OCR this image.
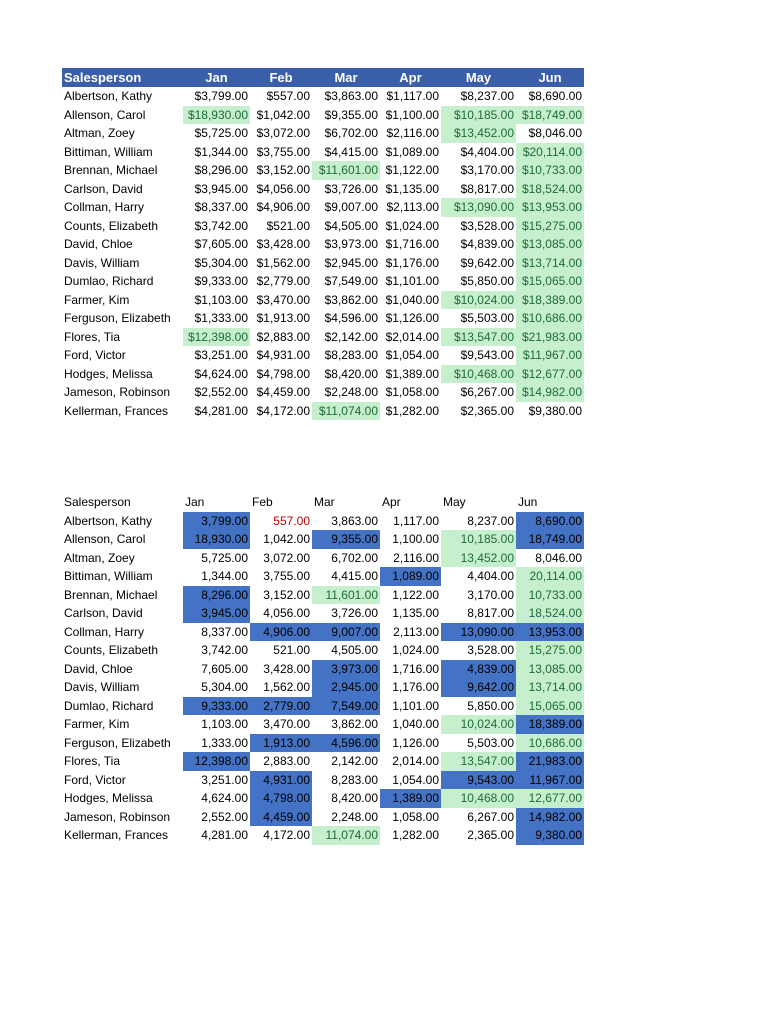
Salesperson	Jan	Feb	Mar	Apr	May	Jun
Albertson, Kathy	$3,799.00	$557.00	$3,863.00	$1,117.00	$8,237.00	$8,690.00
Allenson, Carol	$18,930.00	$1,042.00	$9,355.00	$1,100.00	$10,185.00	$18,749.00
Altman, Zoey	$5,725.00	$3,072.00	$6,702.00	$2,116.00	$13,452.00	$8,046.00
Bittiman, William	$1,344.00	$3,755.00	$4,415.00	$1,089.00	$4,404.00	$20,114.00
Brennan, Michael	$8,296.00	$3,152.00	$11,601.00	$1,122.00	$3,170.00	$10,733.00
Carlson, David	$3,945.00	$4,056.00	$3,726.00	$1,135.00	$8,817.00	$18,524.00
Collman, Harry	$8,337.00	$4,906.00	$9,007.00	$2,113.00	$13,090.00	$13,953.00
Counts, Elizabeth	$3,742.00	$521.00	$4,505.00	$1,024.00	$3,528.00	$15,275.00
David, Chloe	$7,605.00	$3,428.00	$3,973.00	$1,716.00	$4,839.00	$13,085.00
Davis, William	$5,304.00	$1,562.00	$2,945.00	$1,176.00	$9,642.00	$13,714.00
Dumlao, Richard	$9,333.00	$2,779.00	$7,549.00	$1,101.00	$5,850.00	$15,065.00
Farmer, Kim	$1,103.00	$3,470.00	$3,862.00	$1,040.00	$10,024.00	$18,389.00
Ferguson, Elizabeth	$1,333.00	$1,913.00	$4,596.00	$1,126.00	$5,503.00	$10,686.00
Flores, Tia	$12,398.00	$2,883.00	$2,142.00	$2,014.00	$13,547.00	$21,983.00
Ford, Victor	$3,251.00	$4,931.00	$8,283.00	$1,054.00	$9,543.00	$11,967.00
Hodges, Melissa	$4,624.00	$4,798.00	$8,420.00	$1,389.00	$10,468.00	$12,677.00
Jameson, Robinson	$2,552.00	$4,459.00	$2,248.00	$1,058.00	$6,267.00	$14,982.00
Kellerman, Frances	$4,281.00	$4,172.00	$11,074.00	$1,282.00	$2,365.00	$9,380.00
Salesperson	Jan	Feb	Mar	Apr	May	Jun
Albertson, Kathy	3,799.00	557.00	3,863.00	1,117.00	8,237.00	8,690.00
Allenson, Carol	18,930.00	1,042.00	9,355.00	1,100.00	10,185.00	18,749.00
Altman, Zoey	5,725.00	3,072.00	6,702.00	2,116.00	13,452.00	8,046.00
Bittiman, William	1,344.00	3,755.00	4,415.00	1,089.00	4,404.00	20,114.00
Brennan, Michael	8,296.00	3,152.00	11,601.00	1,122.00	3,170.00	10,733.00
Carlson, David	3,945.00	4,056.00	3,726.00	1,135.00	8,817.00	18,524.00
Collman, Harry	8,337.00	4,906.00	9,007.00	2,113.00	13,090.00	13,953.00
Counts, Elizabeth	3,742.00	521.00	4,505.00	1,024.00	3,528.00	15,275.00
David, Chloe	7,605.00	3,428.00	3,973.00	1,716.00	4,839.00	13,085.00
Davis, William	5,304.00	1,562.00	2,945.00	1,176.00	9,642.00	13,714.00
Dumlao, Richard	9,333.00	2,779.00	7,549.00	1,101.00	5,850.00	15,065.00
Farmer, Kim	1,103.00	3,470.00	3,862.00	1,040.00	10,024.00	18,389.00
Ferguson, Elizabeth	1,333.00	1,913.00	4,596.00	1,126.00	5,503.00	10,686.00
Flores, Tia	12,398.00	2,883.00	2,142.00	2,014.00	13,547.00	21,983.00
Ford, Victor	3,251.00	4,931.00	8,283.00	1,054.00	9,543.00	11,967.00
Hodges, Melissa	4,624.00	4,798.00	8,420.00	1,389.00	10,468.00	12,677.00
Jameson, Robinson	2,552.00	4,459.00	2,248.00	1,058.00	6,267.00	14,982.00
Kellerman, Frances	4,281.00	4,172.00	11,074.00	1,282.00	2,365.00	9,380.00
